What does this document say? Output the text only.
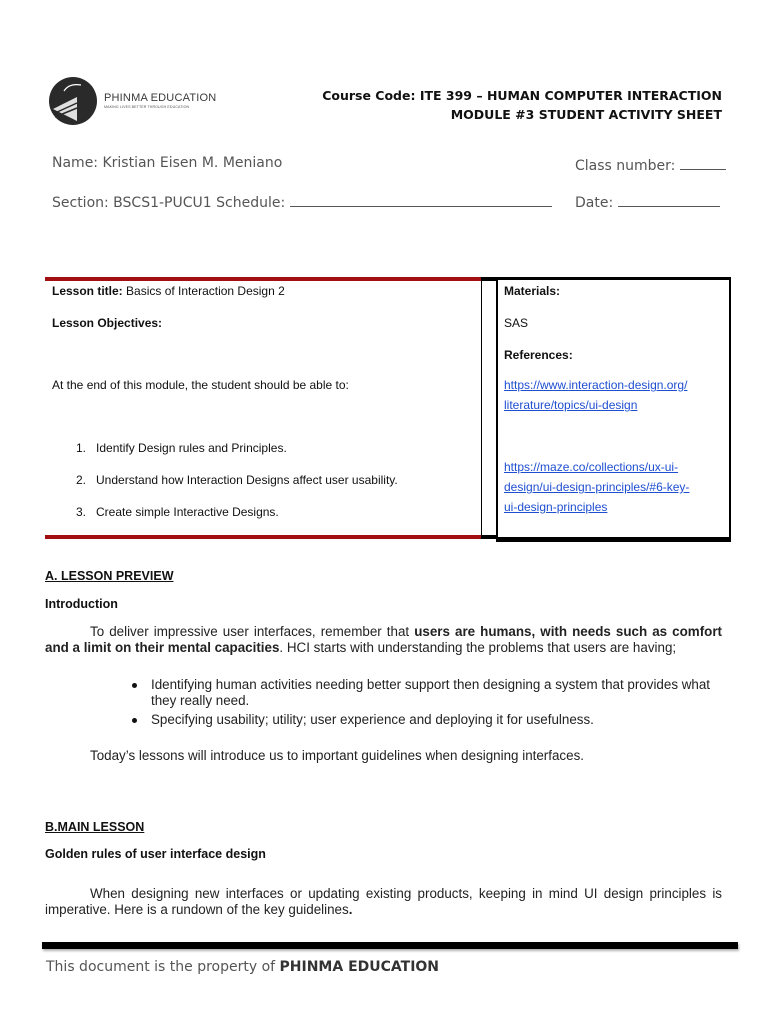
PHINMA EDUCATION
MAKING LIVES BETTER THROUGH EDUCATION
Course Code: ITE 399 – HUMAN COMPUTER INTERACTION
MODULE #3 STUDENT ACTIVITY SHEET
Name: Kristian Eisen M. Meniano	Class number:
Section: BSCS1-PUCU1 Schedule:	Date:
Lesson title: Basics of Interaction Design 2
Lesson Objectives:
At the end of this module, the student should be able to:
1.   Identify Design rules and Principles.
2.   Understand how Interaction Designs affect user usability.
3.   Create simple Interactive Designs.
Materials:
SAS
References:
https://www.interaction-design.org/
literature/topics/ui-design
https://maze.co/collections/ux-ui-
design/ui-design-principles/#6-key-
ui-design-principles
A. LESSON PREVIEW
Introduction
To deliver impressive user interfaces, remember that users are humans, with needs such as comfort and a limit on their mental capacities. HCI starts with understanding the problems that users are having;
Identifying human activities needing better support then designing a system that provides what they really need.
Specifying usability; utility; user experience and deploying it for usefulness.
Today’s lessons will introduce us to important guidelines when designing interfaces.
B.MAIN LESSON
Golden rules of user interface design
When designing new interfaces or updating existing products, keeping in mind UI design principles is imperative. Here is a rundown of the key guidelines.
This document is the property of PHINMA EDUCATION
